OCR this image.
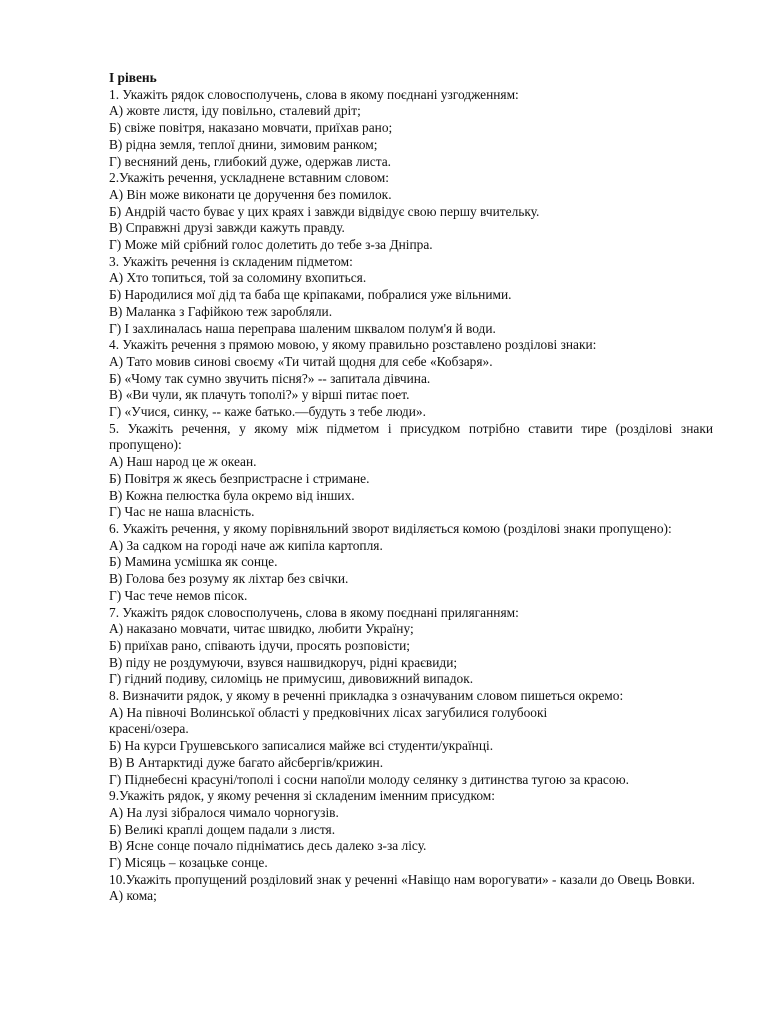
І рівень
1. Укажіть рядок словосполучень, слова в якому поєднані узгодженням:
А) жовте листя, іду повільно, сталевий дріт;
Б) свіже повітря, наказано мовчати, приїхав рано;
В) рідна земля, теплої днини, зимовим ранком;
Г) весняний день, глибокий дуже, одержав листа.
2.Укажіть речення, ускладнене вставним словом:
А) Він може виконати це доручення без помилок.
Б) Андрій часто буває у цих краях і завжди відвідує свою першу вчительку.
В) Справжні друзі завжди кажуть правду.
Г) Може мій срібний голос долетить до тебе з-за Дніпра.
3. Укажіть речення із складеним підметом:
А) Хто топиться, той за соломину вхопиться.
Б) Народилися мої дід та баба ще кріпаками, побралися уже вільними.
В) Маланка з Гафійкою теж заробляли.
Г) І захлиналась наша переправа шаленим шквалом полум'я й води.
4. Укажіть речення з прямою мовою, у якому правильно розставлено розділові знаки:
А) Тато мовив синові своєму «Ти читай щодня для себе «Кобзаря».
Б) «Чому так сумно звучить пісня?» -- запитала дівчина.
В) «Ви чули, як плачуть тополі?» у вірші питає поет.
Г) «Учися, синку, -- каже батько.—будуть з тебе люди».
5. Укажіть речення, у якому між підметом і присудком потрібно ставити тире (розділові знаки пропущено):
А) Наш народ це ж океан.
Б) Повітря ж якесь безпристрасне і стримане.
В) Кожна пелюстка була окремо від інших.
Г) Час не наша власність.
6. Укажіть речення, у якому порівняльний зворот виділяється комою (розділові знаки пропущено):
А) За садком на городі наче аж кипіла картопля.
Б) Мамина усмішка як сонце.
В) Голова без розуму як ліхтар без свічки.
Г) Час тече немов пісок.
7. Укажіть рядок словосполучень, слова в якому поєднані приляганням:
А) наказано мовчати, читає швидко, любити Україну;
Б) приїхав рано, співають ідучи, просять розповісти;
В) піду не роздумуючи, взувся нашвидкоруч, рідні краєвиди;
Г) гідний подиву, силоміць не примусиш, дивовижний випадок.
8. Визначити рядок, у якому в реченні прикладка з означуваним словом пишеться окремо:
А) На півночі Волинської області у предковічних лісах загубилися голубоокі
красені/озера.
Б) На курси Грушевського записалися майже всі студенти/українці.
В) В Антарктиді дуже багато айсбергів/крижин.
Г) Піднебесні красуні/тополі і сосни напоїли молоду селянку з дитинства тугою за красою.
9.Укажіть рядок, у якому речення зі складеним іменним присудком:
А) На лузі зібралося чимало чорногузів.
Б) Великі краплі дощем падали з листя.
В) Ясне сонце почало підніматись десь далеко з-за лісу.
Г) Місяць – козацьке сонце.
10.Укажіть пропущений розділовий знак у реченні «Навіщо нам ворогувати» - казали до Овець Вовки.
А) кома;
